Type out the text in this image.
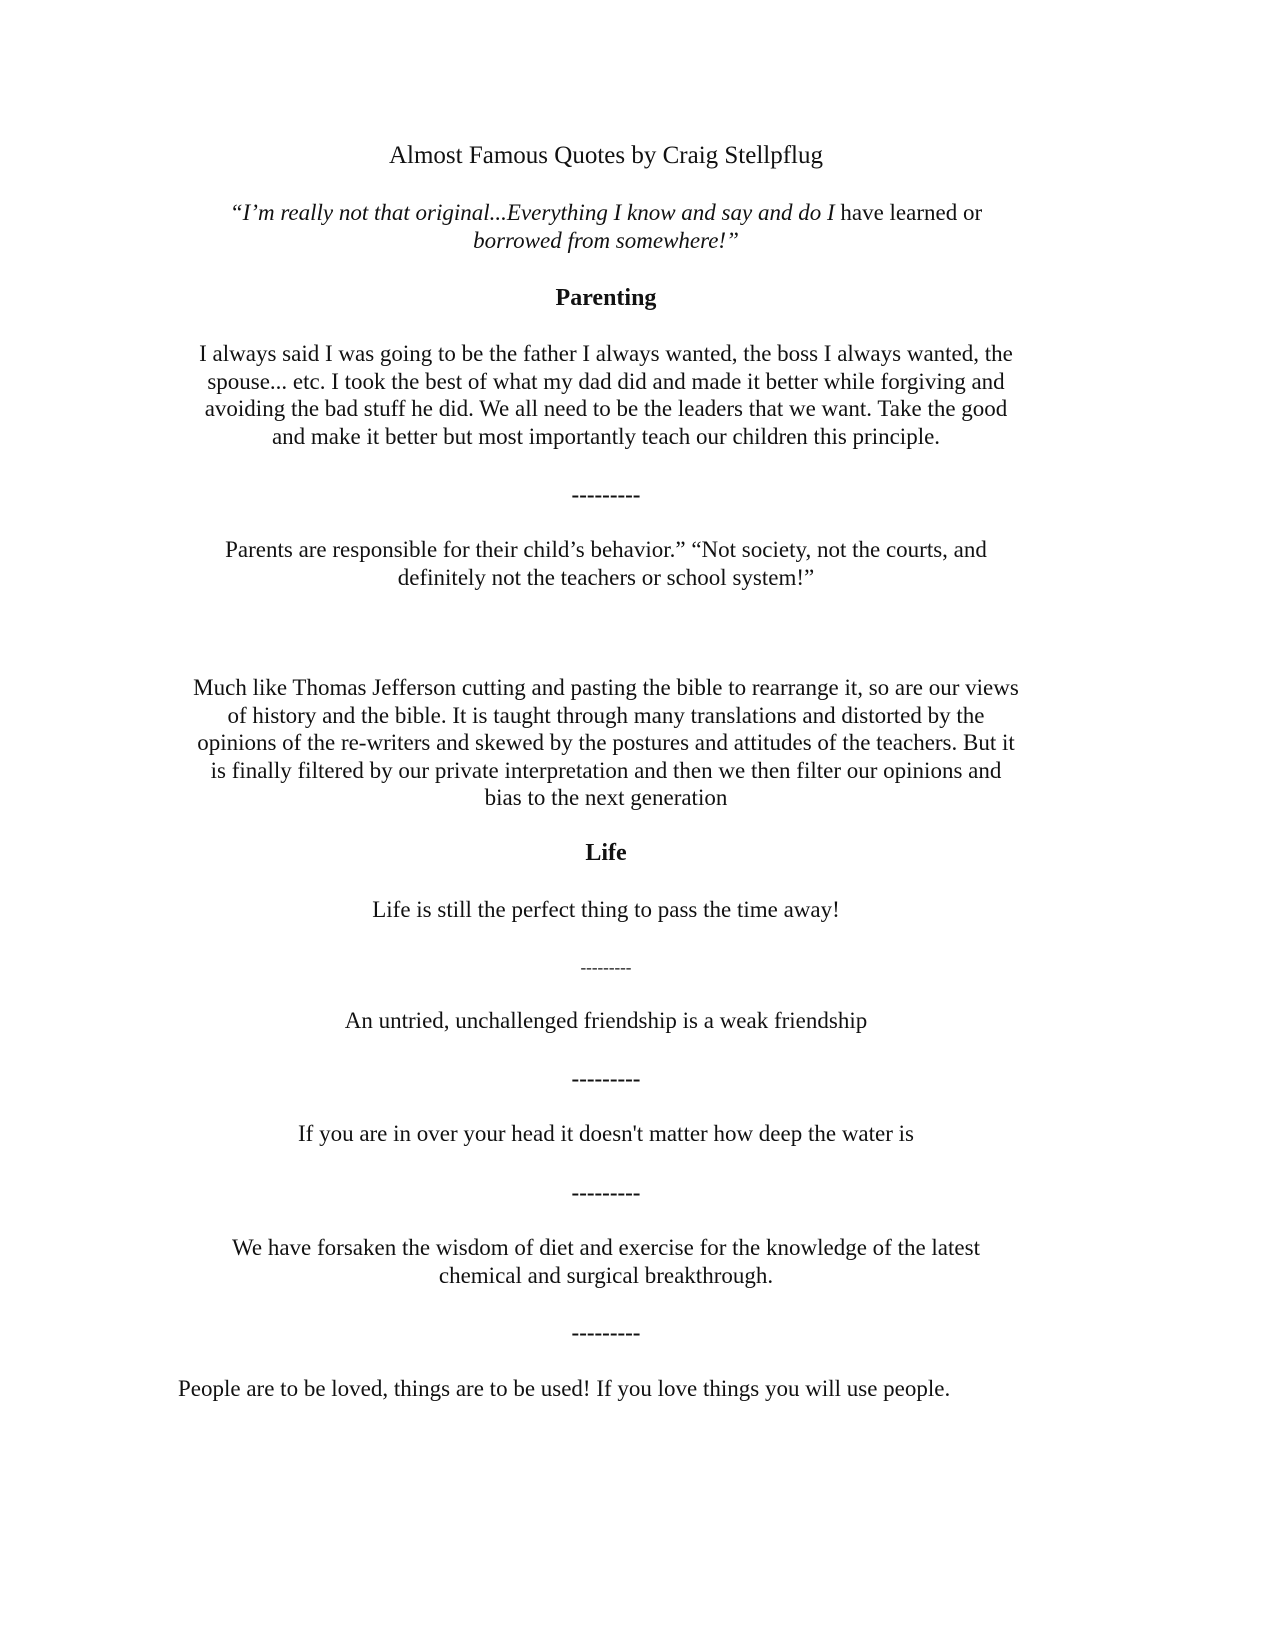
Almost Famous Quotes by Craig Stellpflug
“I’m really not that original...Everything I know and say and do I have learned or
borrowed from somewhere!”
Parenting
I always said I was going to be the father I always wanted, the boss I always wanted, the
spouse... etc. I took the best of what my dad did and made it better while forgiving and
avoiding the bad stuff he did. We all need to be the leaders that we want. Take the good
and make it better but most importantly teach our children this principle.
---------
Parents are responsible for their child’s behavior.” “Not society, not the courts, and
definitely not the teachers or school system!”
Much like Thomas Jefferson cutting and pasting the bible to rearrange it, so are our views
of history and the bible. It is taught through many translations and distorted by the
opinions of the re-writers and skewed by the postures and attitudes of the teachers. But it
is finally filtered by our private interpretation and then we then filter our opinions and
bias to the next generation
Life
Life is still the perfect thing to pass the time away!
---------
An untried, unchallenged friendship is a weak friendship
---------
If you are in over your head it doesn't matter how deep the water is
---------
We have forsaken the wisdom of diet and exercise for the knowledge of the latest
chemical and surgical breakthrough.
---------
People are to be loved, things are to be used! If you love things you will use people.
